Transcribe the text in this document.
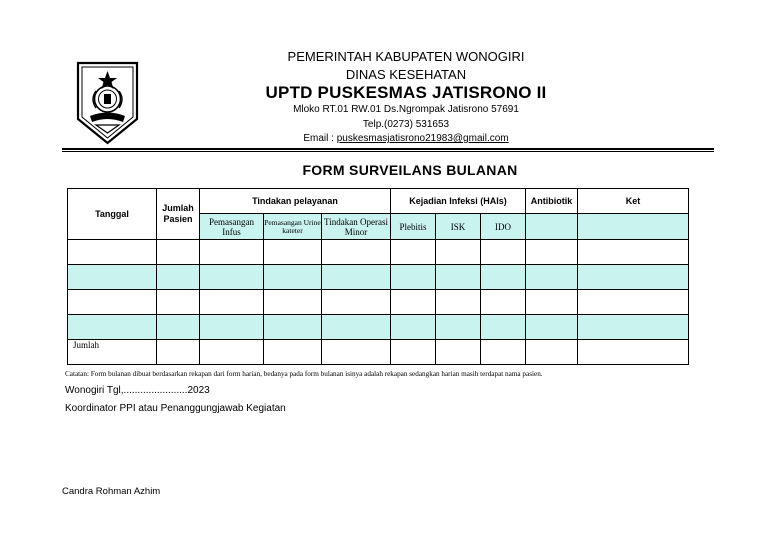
PEMERINTAH KABUPATEN WONOGIRI
DINAS KESEHATAN
UPTD PUSKESMAS JATISRONO II
Mloko RT.01 RW.01 Ds.Ngrompak Jatisrono 57691
Telp.(0273) 531653
Email : puskesmasjatisrono21983@gmail.com
FORM SURVEILANS BULANAN
Tanggal	Jumlah Pasien	Tindakan pelayanan			Kejadian Infeksi (HAIs)			Antibiotik	Ket
		Pemasangan Infus	Pemasangan Urine kateter	Tindakan Operasi Minor	Plebitis	ISK	IDO		

Jumlah									
Catatan: Form bulanan dibuat berdasarkan rekapan dari form harian, bedanya pada form bulanan isinya adalah rekapan sedangkan harian masih terdapat nama pasien.
Wonogiri Tgl,.......................2023
Koordinator PPI atau Penanggungjawab Kegiatan
Candra Rohman Azhim
